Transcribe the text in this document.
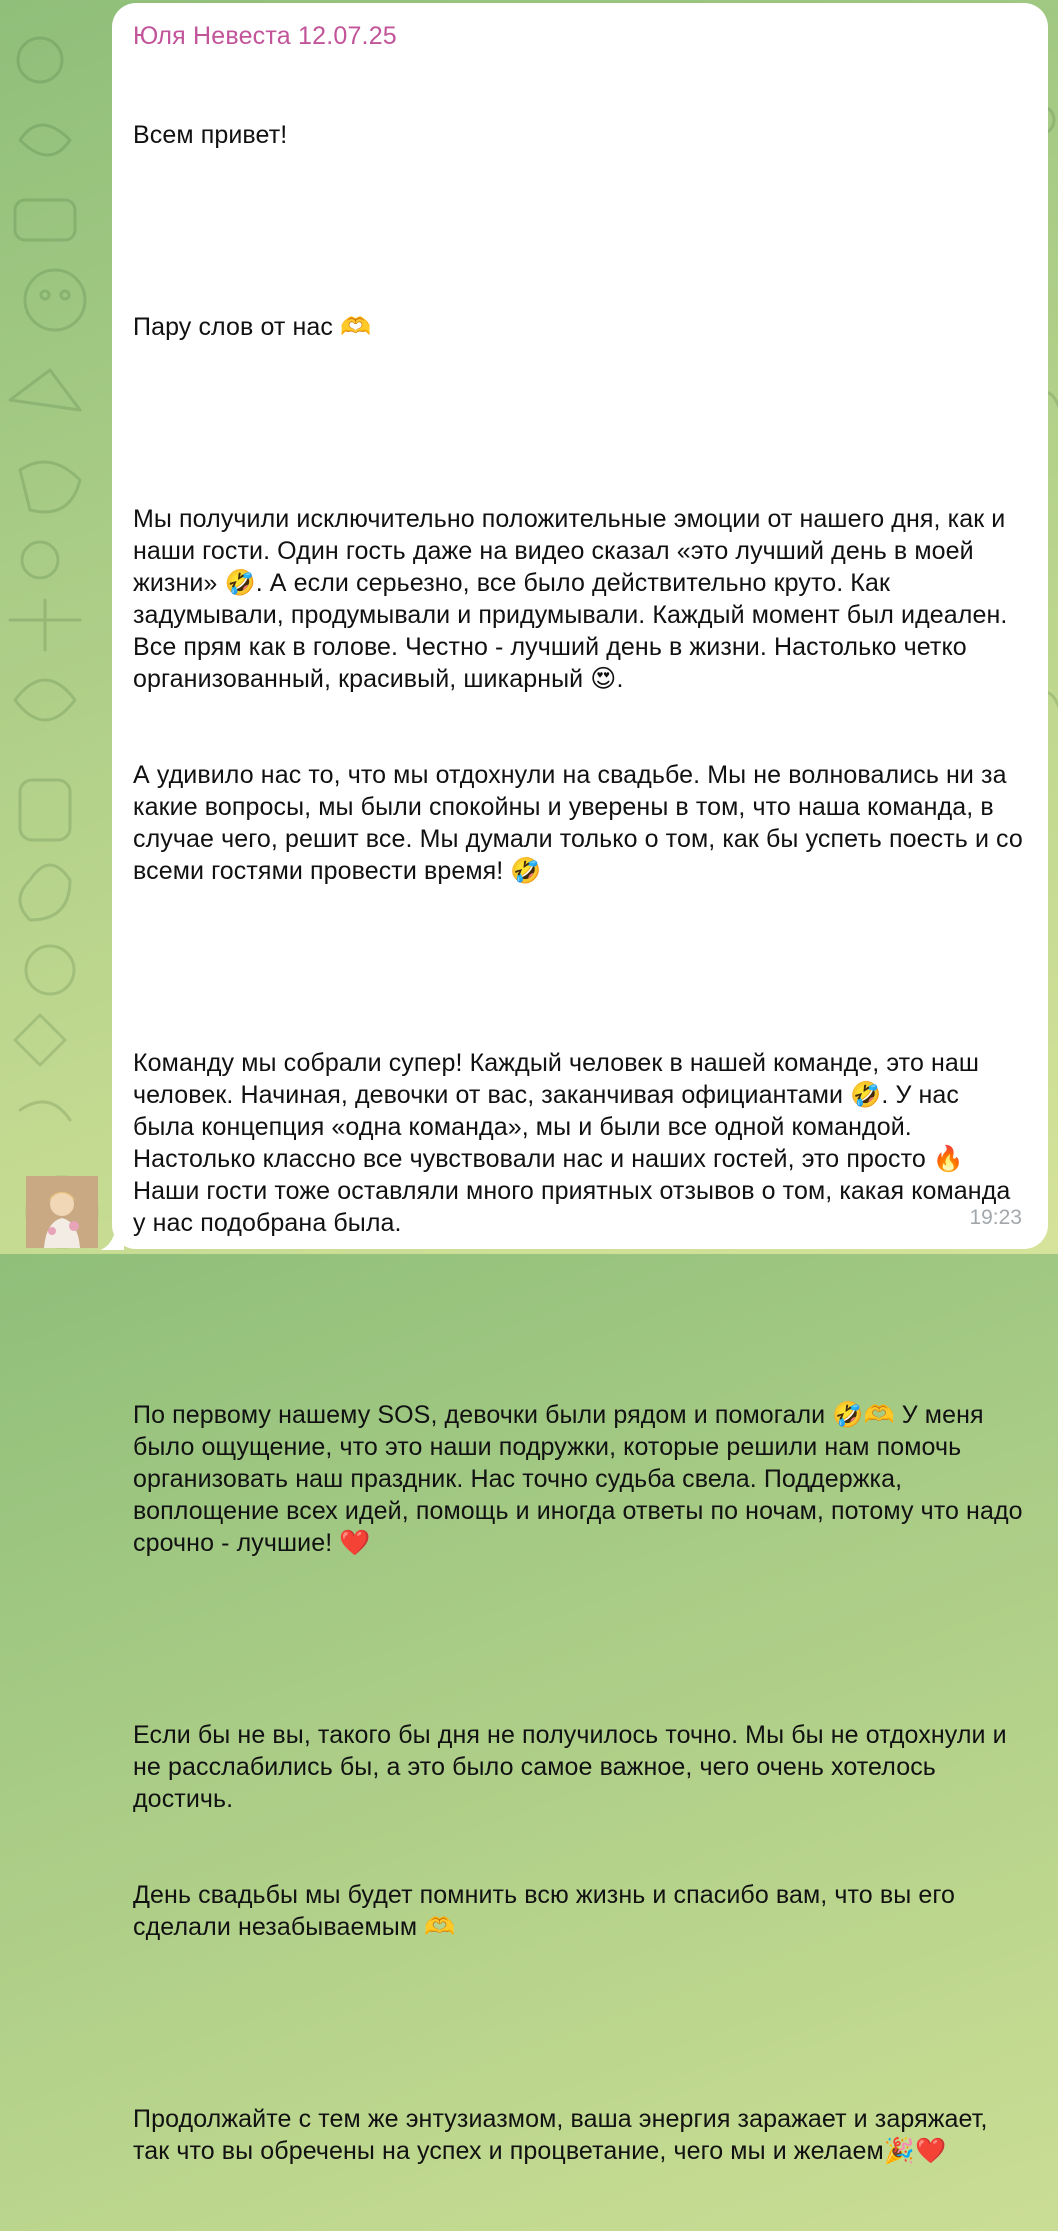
Юля Невеста 12.07.25

Всем привет!

Пару слов от нас 🫶

Мы получили исключительно положительные эмоции от нашего дня, как и наши гости. Один гость даже на видео сказал «это лучший день в моей жизни» 🤣. А если серьезно, все было действительно круто. Как задумывали, продумывали и придумывали. Каждый момент был идеален. Все прям как в голове. Честно - лучший день в жизни. Настолько четко организованный, красивый, шикарный 😍.

А удивило нас то, что мы отдохнули на свадьбе. Мы не волновались ни за какие вопросы, мы были спокойны и уверены в том, что наша команда, в случае чего, решит все. Мы думали только о том, как бы успеть поесть и со всеми гостями провести время! 🤣

Команду мы собрали супер! Каждый человек в нашей команде, это наш человек. Начиная, девочки от вас, заканчивая официантами 🤣. У нас была концепция «одна команда», мы и были все одной командой. Настолько классно все чувствовали нас и наших гостей, это просто 🔥 Наши гости тоже оставляли много приятных отзывов о том, какая команда у нас подобрана была.

По первому нашему SOS, девочки были рядом и помогали 🤣🫶 У меня было ощущение, что это наши подружки, которые решили нам помочь организовать наш праздник. Нас точно судьба свела. Поддержка, воплощение всех идей, помощь и иногда ответы по ночам, потому что надо срочно - лучшие! ❤️

Если бы не вы, такого бы дня не получилось точно. Мы бы не отдохнули и не расслабились бы, а это было самое важное, чего очень хотелось достичь.

День свадьбы мы будет помнить всю жизнь и спасибо вам, что вы его сделали незабываемым 🫶

Продолжайте с тем же энтузиазмом, ваша энергия заражает и заряжает, так что вы обречены на успех и процветание, чего мы и желаем🎉❤️

19:23
